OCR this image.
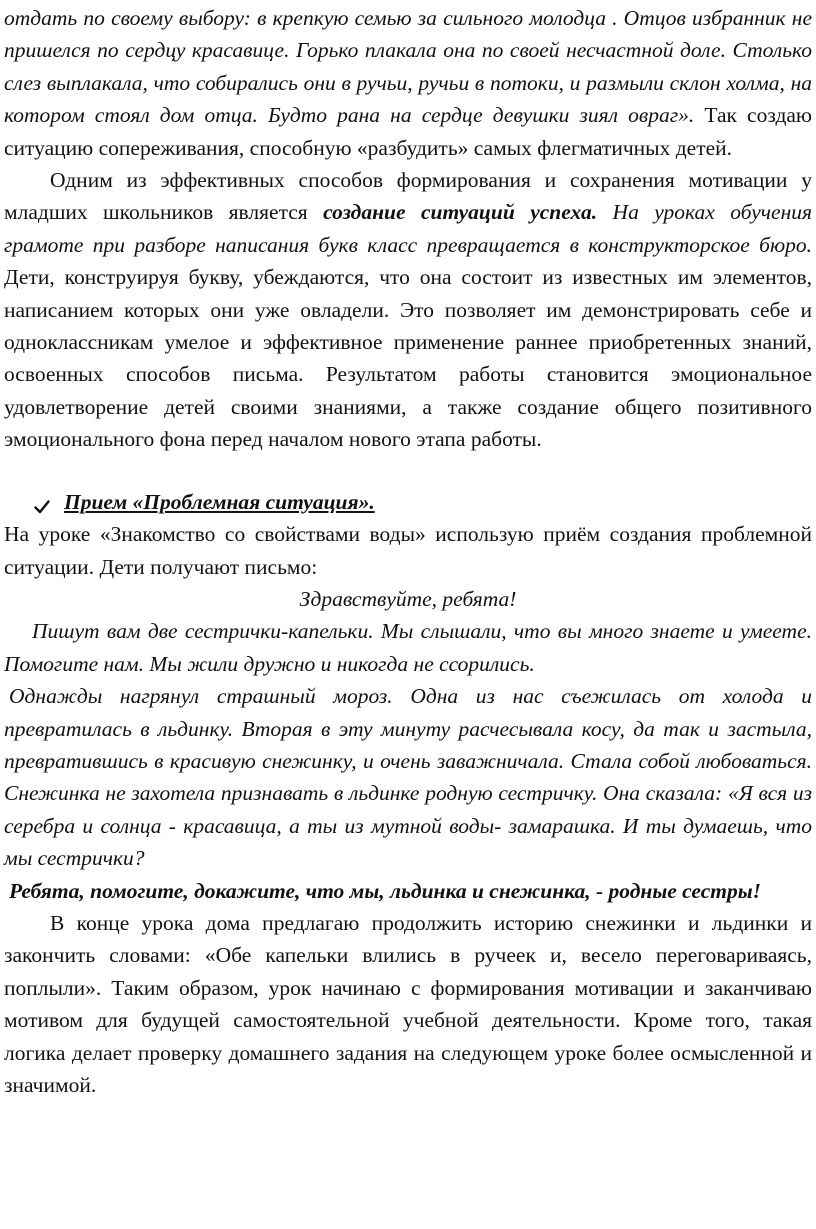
отдать по своему выбору: в крепкую семью за сильного молодца . Отцов избранник не пришелся по сердцу красавице. Горько плакала она по своей несчастной доле. Столько слез выплакала, что собирались они в ручьи, ручьи в потоки, и размыли склон холма, на котором стоял дом отца. Будто рана на сердце девушки зиял овраг». Так создаю ситуацию сопереживания, способную «разбудить» самых флегматичных детей.

Одним из эффективных способов формирования и сохранения мотивации у младших школьников является создание ситуаций успеха. На уроках обучения грамоте при разборе написания букв класс превращается в конструкторское бюро. Дети, конструируя букву, убеждаются, что она состоит из известных им элементов, написанием которых они уже овладели. Это позволяет им демонстрировать себе и одноклассникам умелое и эффективное применение раннее приобретенных знаний, освоенных способов письма. Результатом работы становится эмоциональное удовлетворение детей своими знаниями, а также создание общего позитивного эмоционального фона перед началом нового этапа работы.

Прием «Проблемная ситуация».

На уроке «Знакомство со свойствами воды» использую приём создания проблемной ситуации. Дети получают письмо:

Здравствуйте, ребята!

Пишут вам две сестрички-капельки. Мы слышали, что вы много знаете и умеете. Помогите нам. Мы жили дружно и никогда не ссорились.

Однажды нагрянул страшный мороз. Одна из нас съежилась от холода и превратилась в льдинку. Вторая в эту минуту расчесывала косу, да так и застыла, превратившись в красивую снежинку, и очень заважничала. Стала собой любоваться. Снежинка не захотела признавать в льдинке родную сестричку. Она сказала: «Я вся из серебра и солнца - красавица, а ты из мутной воды- замарашка. И ты думаешь, что мы сестрички?

Ребята, помогите, докажите, что мы, льдинка и снежинка, - родные сестры!

В конце урока дома предлагаю продолжить историю снежинки и льдинки и закончить словами: «Обе капельки влились в ручеек и, весело переговариваясь, поплыли». Таким образом, урок начинаю с формирования мотивации и заканчиваю мотивом для будущей самостоятельной учебной деятельности. Кроме того, такая логика делает проверку домашнего задания на следующем уроке более осмысленной и значимой.
